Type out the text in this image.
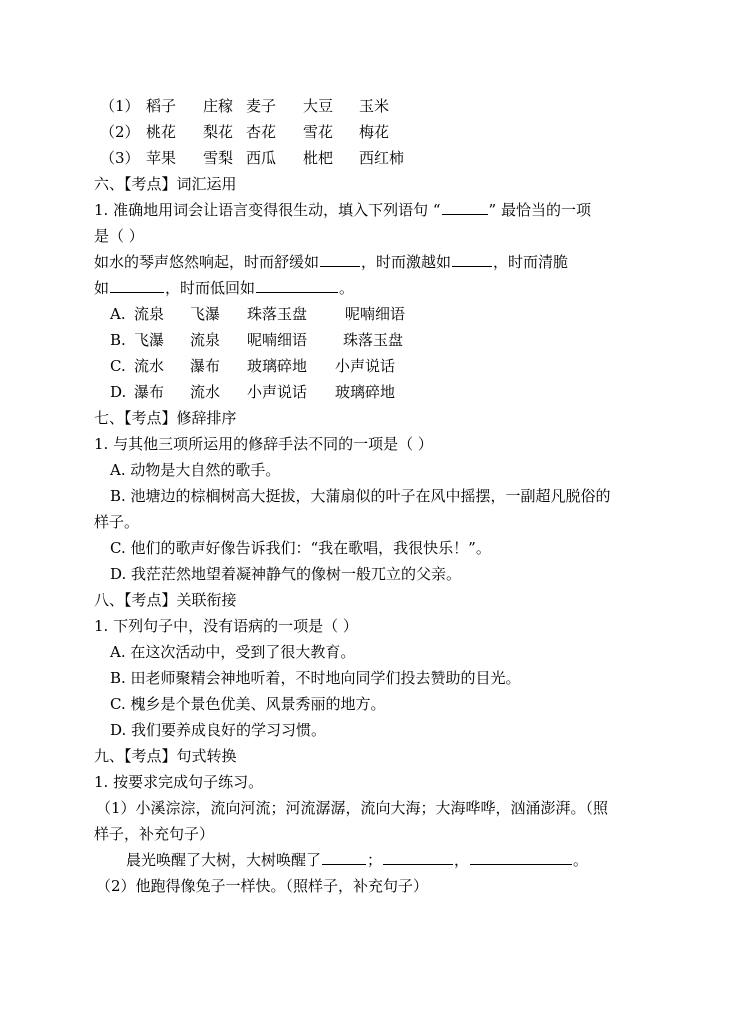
（1） 稻子 庄稼 麦子 大豆 玉米
（2） 桃花 梨花 杏花 雪花 梅花
（3） 苹果 雪梨 西瓜 枇杷 西红柿
六、【考点】词汇运用
1. 准确地用词会让语言变得很生动，填入下列语句 “	” 最恰当的一项
是（ ）
如水的琴声悠然响起，时而舒缓如	，时而激越如	，时而清脆
如	，时而低回如	。
A. 流泉 飞瀑 珠落玉盘	呢喃细语
B. 飞瀑 流泉 呢喃细语 珠落玉盘
C. 流水 瀑布 玻璃碎地 小声说话
D. 瀑布 流水 小声说话 玻璃碎地
七、【考点】修辞排序
1. 与其他三项所运用的修辞手法不同的一项是（ ）
A. 动物是大自然的歌手。
B. 池塘边的棕榈树高大挺拔，大蒲扇似的叶子在风中摇摆，一副超凡脱俗的
样子。
C. 他们的歌声好像告诉我们：“我在歌唱，我很快乐！”。
D. 我茫茫然地望着凝神静气的像树一般兀立的父亲。
八、【考点】关联衔接
1. 下列句子中，没有语病的一项是（ ）
A. 在这次活动中，受到了很大教育。
B. 田老师聚精会神地听着，不时地向同学们投去赞助的目光。
C. 槐乡是个景色优美、风景秀丽的地方。
D. 我们要养成良好的学习习惯。
九、【考点】句式转换
1. 按要求完成句子练习。
（1）小溪淙淙，流向河流；河流潺潺，流向大海；大海哗哗，汹涌澎湃。（照
样子，补充句子）
晨光唤醒了大树，大树唤醒了	；	，	。
（2）他跑得像兔子一样快。（照样子，补充句子）
